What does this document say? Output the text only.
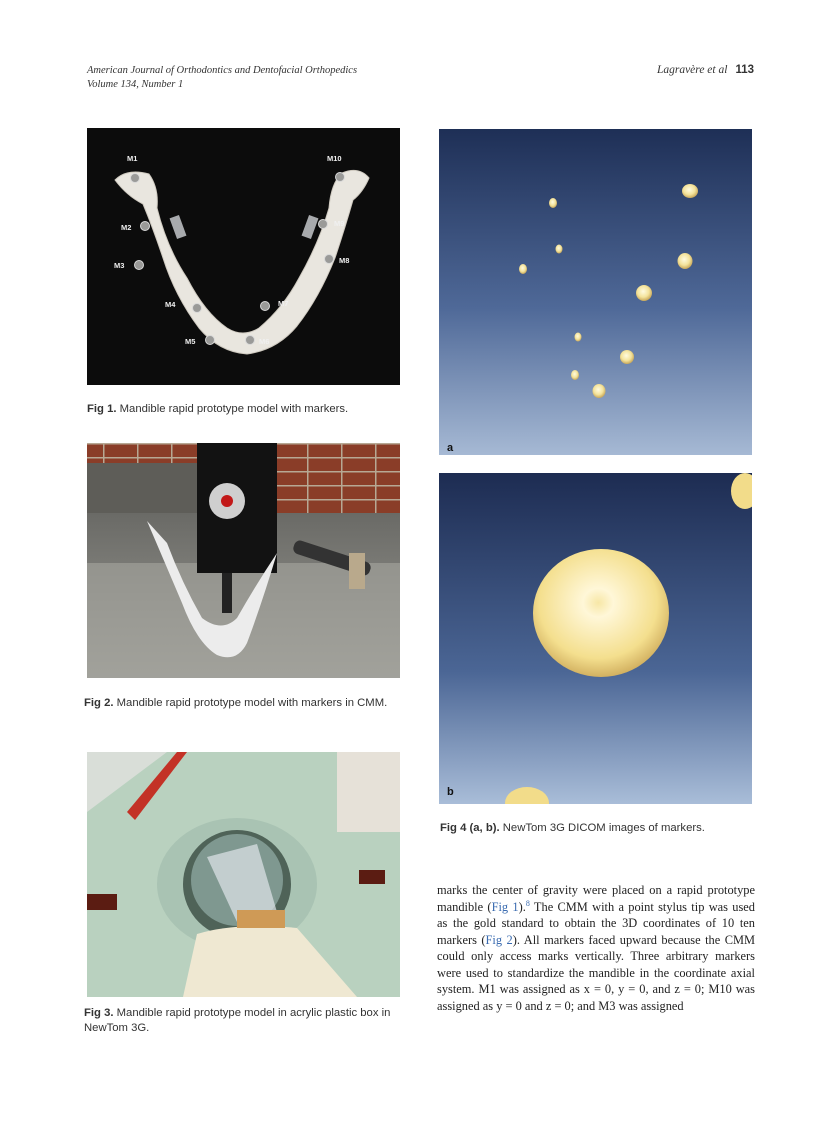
American Journal of Orthodontics and Dentofacial Orthopedics
Volume 134, Number 1
Lagravère et al 113
M1
M2
M3
M4
M5	M6
M7
M8
M9
M10
Fig 1. Mandible rapid prototype model with markers.
Fig 2. Mandible rapid prototype model with markers in CMM.
Fig 3. Mandible rapid prototype model in acrylic plastic box in NewTom 3G.
a
b
Fig 4 (a, b). NewTom 3G DICOM images of markers.

marks the center of gravity were placed on a rapid prototype mandible (Fig 1).$^8$ The CMM with a point stylus tip was used as the gold standard to obtain the 3D coordinates of 10 ten markers (Fig 2). All markers faced upward because the CMM could only access marks vertically. Three arbitrary markers were used to standardize the mandible in the coordinate axial system. M1 was assigned as x = 0, y = 0, and z = 0; M10 was assigned as y = 0 and z = 0; and M3 was assigned
